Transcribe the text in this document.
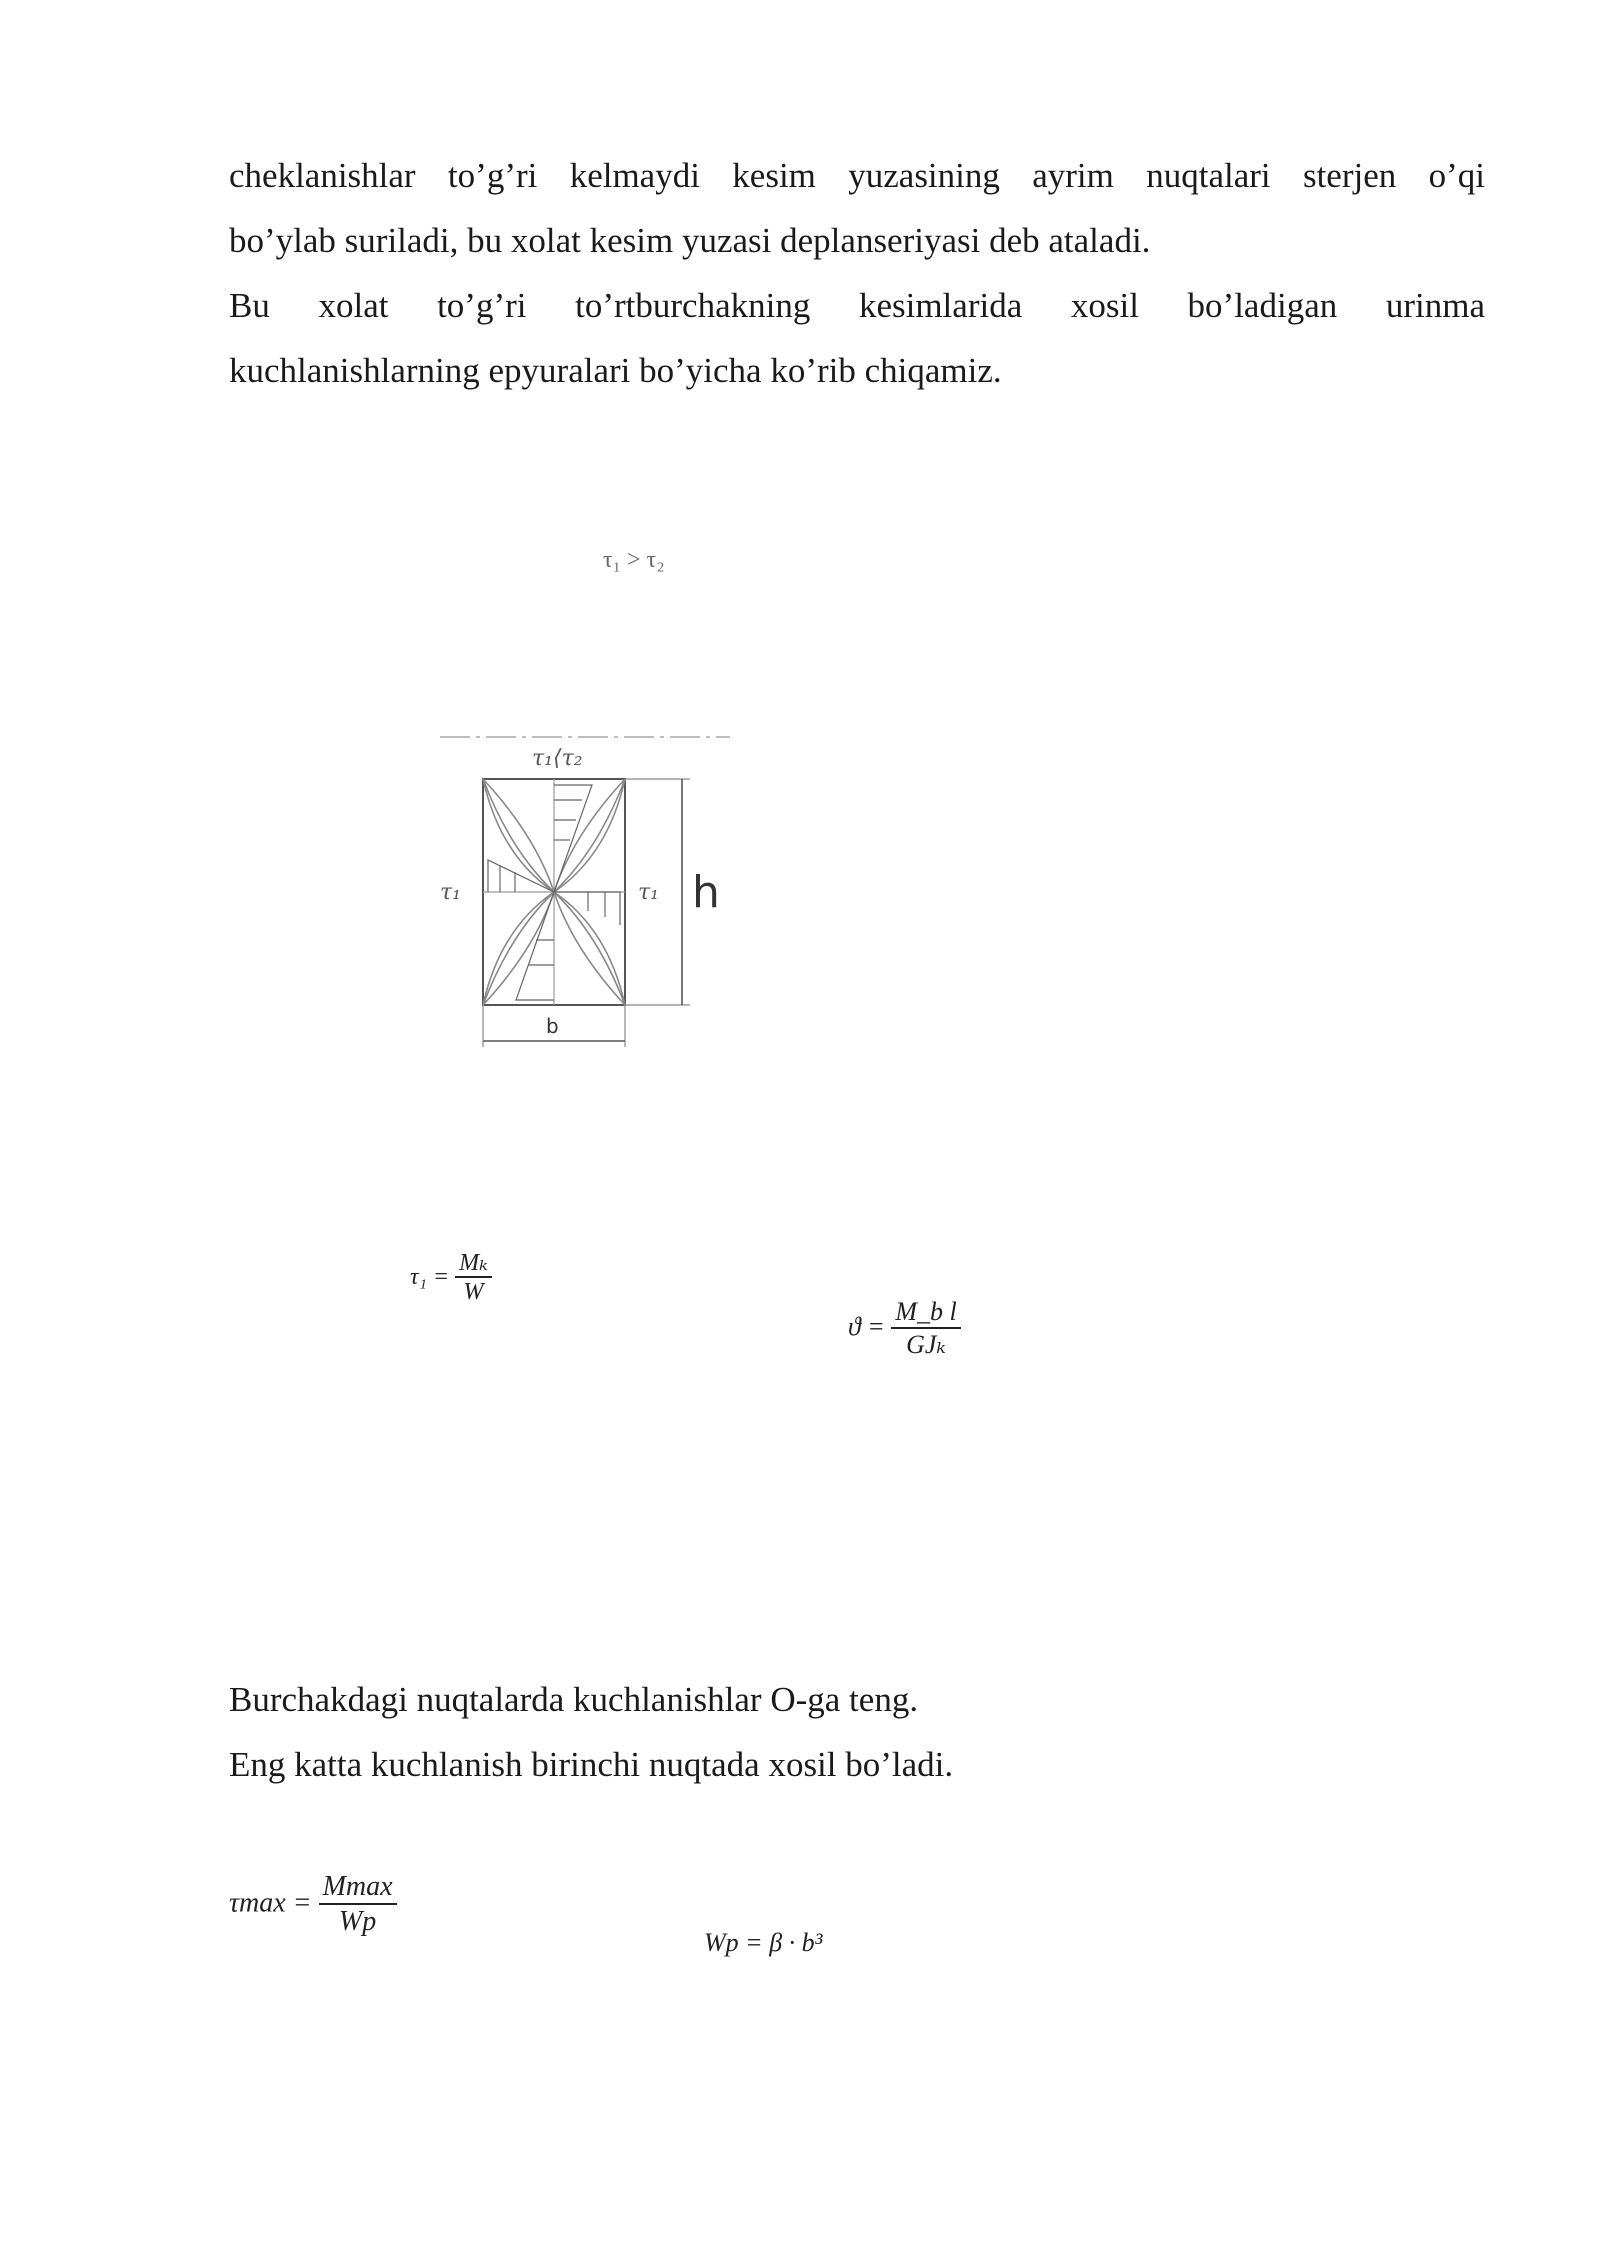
cheklanishlar to’g’ri kelmaydi kesim yuzasining ayrim nuqtalari sterjen o’qi
bo’ylab suriladi, bu xolat kesim yuzasi deplanseriyasi deb ataladi.
Bu xolat to’g’ri to’rtburchakning kesimlarida xosil bo’ladigan urinma
kuchlanishlarning epyuralari bo’yicha ko’rib chiqamiz.
τ₁ > τ₂
τ₁⟨τ₂
τ₁	τ₁ h
b
$\tau_1 = \frac{\text{Mₖ}}{W}$
$ϑ = \frac{\text{M\_b l}}{\text{GJₖ}}$
Burchakdagi nuqtalarda kuchlanishlar O-ga teng.
Eng katta kuchlanish birinchi nuqtada xosil bo’ladi.
$\tau\max = \frac{Mmax}{Wp}$
Wp = β · b³
